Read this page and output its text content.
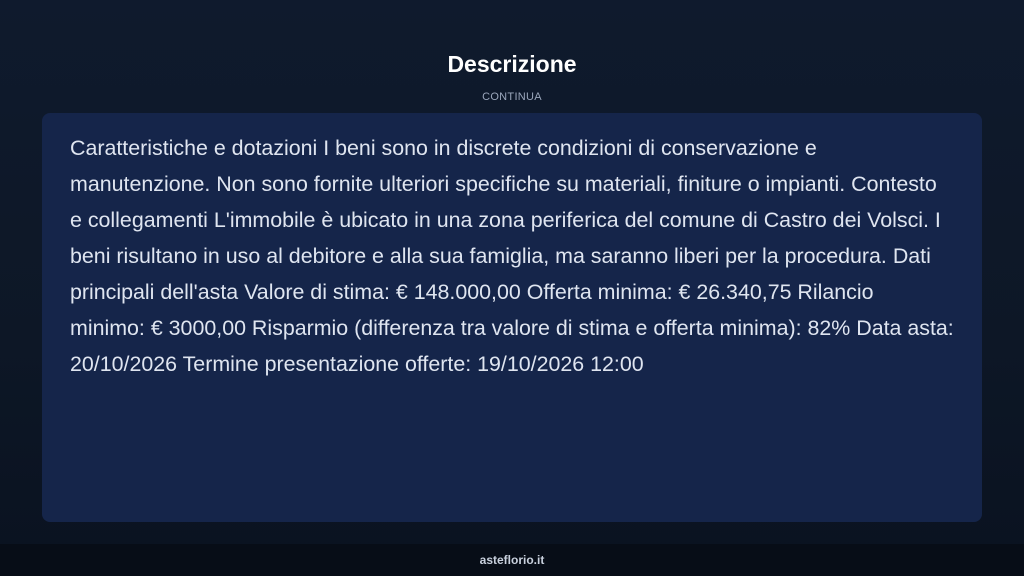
Descrizione
CONTINUA

Caratteristiche e dotazioni I beni sono in discrete condizioni di conservazione e manutenzione. Non sono fornite ulteriori specifiche su materiali, finiture o impianti. Contesto e collegamenti L'immobile è ubicato in una zona periferica del comune di Castro dei Volsci. I beni risultano in uso al debitore e alla sua famiglia, ma saranno liberi per la procedura. Dati principali dell'asta Valore di stima: € 148.000,00 Offerta minima: € 26.340,75 Rilancio minimo: € 3000,00 Risparmio (differenza tra valore di stima e offerta minima): 82% Data asta: 20/10/2026 Termine presentazione offerte: 19/10/2026 12:00

asteflorio.it
